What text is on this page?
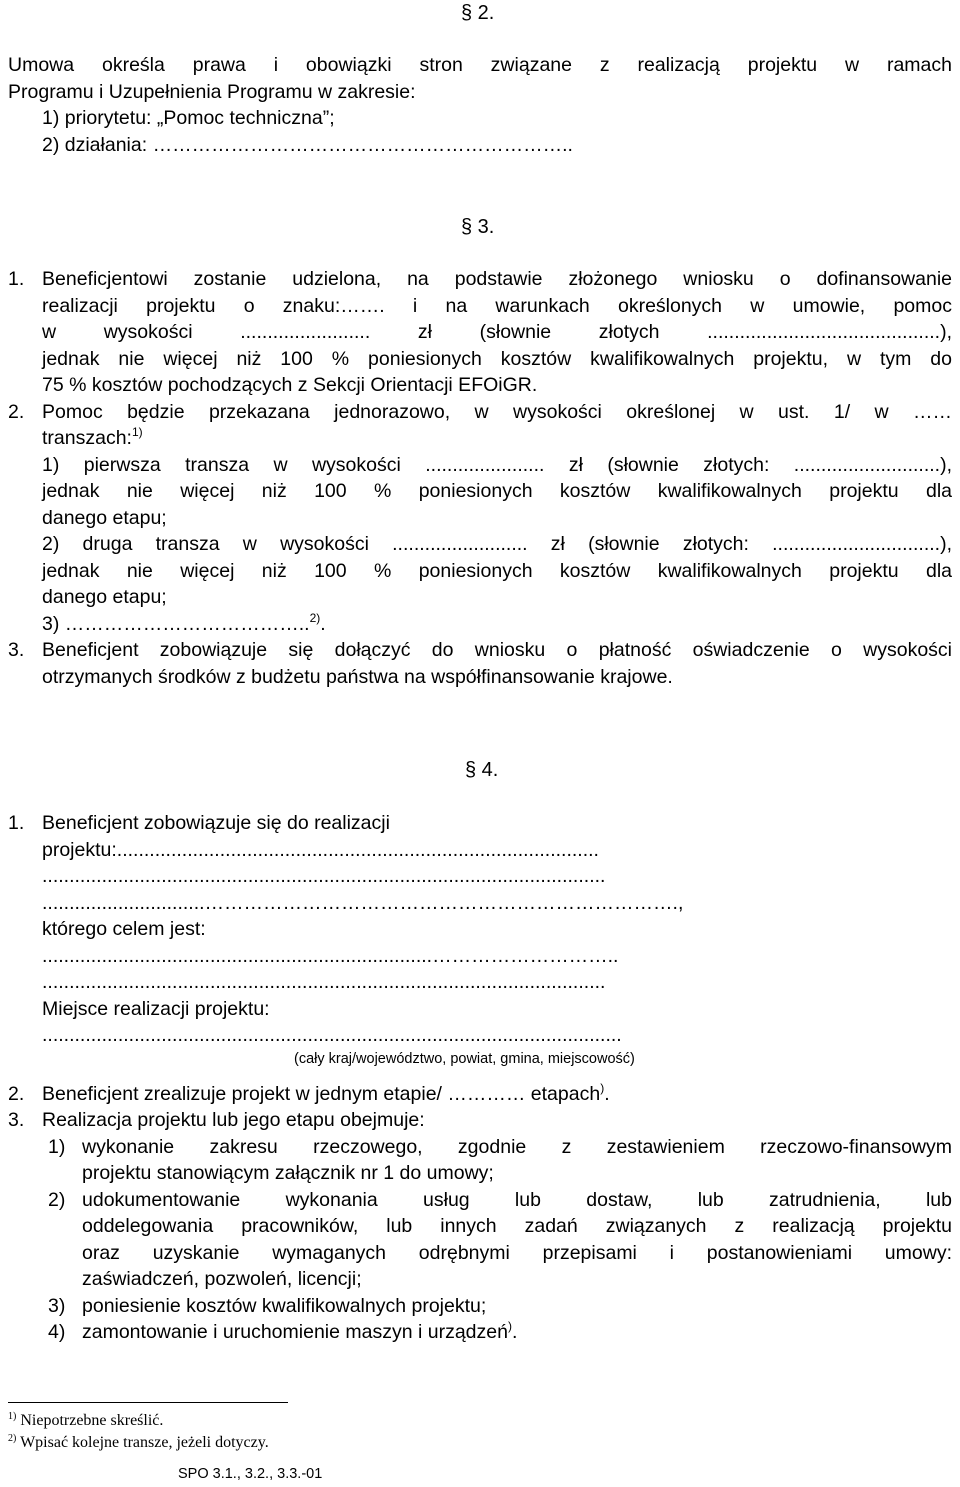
§ 2.
Umowa określa prawa i obowiązki stron związane z realizacją projektu w ramach
Programu i Uzupełnienia Programu w zakresie:
1) priorytetu: „Pomoc techniczna”;
2) działania: ………………………………………………………..
§ 3.
1. Beneficjentowi zostanie udzielona, na podstawie złożonego wniosku o dofinansowanie
realizacji projektu o znaku:……. i na warunkach określonych w umowie, pomoc
w wysokości ........................ zł (słownie złotych ...........................................),
jednak nie więcej niż 100 % poniesionych kosztów kwalifikowalnych projektu, w tym do
75 % kosztów pochodzących z Sekcji Orientacji EFOiGR.
2. Pomoc będzie przekazana jednorazowo, w wysokości określonej w ust. 1/ w ……
transzach:$^{1)}$
1) pierwsza transza w wysokości ...................... zł (słownie złotych: ...........................),
jednak nie więcej niż 100 % poniesionych kosztów kwalifikowalnych projektu dla
danego etapu;
2) druga transza w wysokości ......................... zł (słownie złotych: ...............................),
jednak nie więcej niż 100 % poniesionych kosztów kwalifikowalnych projektu dla
danego etapu;
3) ………………………………..$^{2)}$.
3. Beneficjent zobowiązuje się dołączyć do wniosku o płatność oświadczenie o wysokości
otrzymanych środków z budżetu państwa na współfinansowanie krajowe.
§ 4.
1. Beneficjent zobowiązuje się do realizacji
projektu:.........................................................................................
........................................................................................................
..............................……………………………………………………………….,
którego celem jest:
........................................................................………………………..
........................................................................................................
Miejsce realizacji projektu:
...........................................................................................................
(cały kraj/województwo, powiat, gmina, miejscowość)
2. Beneficjent zrealizuje projekt w jednym etapie/ ………… etapach).
3. Realizacja projektu lub jego etapu obejmuje:
1) wykonanie zakresu rzeczowego, zgodnie z zestawieniem rzeczowo-finansowym
projektu stanowiącym załącznik nr 1 do umowy;
2) udokumentowanie wykonania usług lub dostaw, lub zatrudnienia, lub
oddelegowania pracowników, lub innych zadań związanych z realizacją projektu
oraz uzyskanie wymaganych odrębnymi przepisami i postanowieniami umowy:
zaświadczeń, pozwoleń, licencji;
3) poniesienie kosztów kwalifikowalnych projektu;
4) zamontowanie i uruchomienie maszyn i urządzeń).
$^{1)}$ Niepotrzebne skreślić.
$^{2)}$ Wpisać kolejne transze, jeżeli dotyczy.
SPO 3.1., 3.2., 3.3.-01
